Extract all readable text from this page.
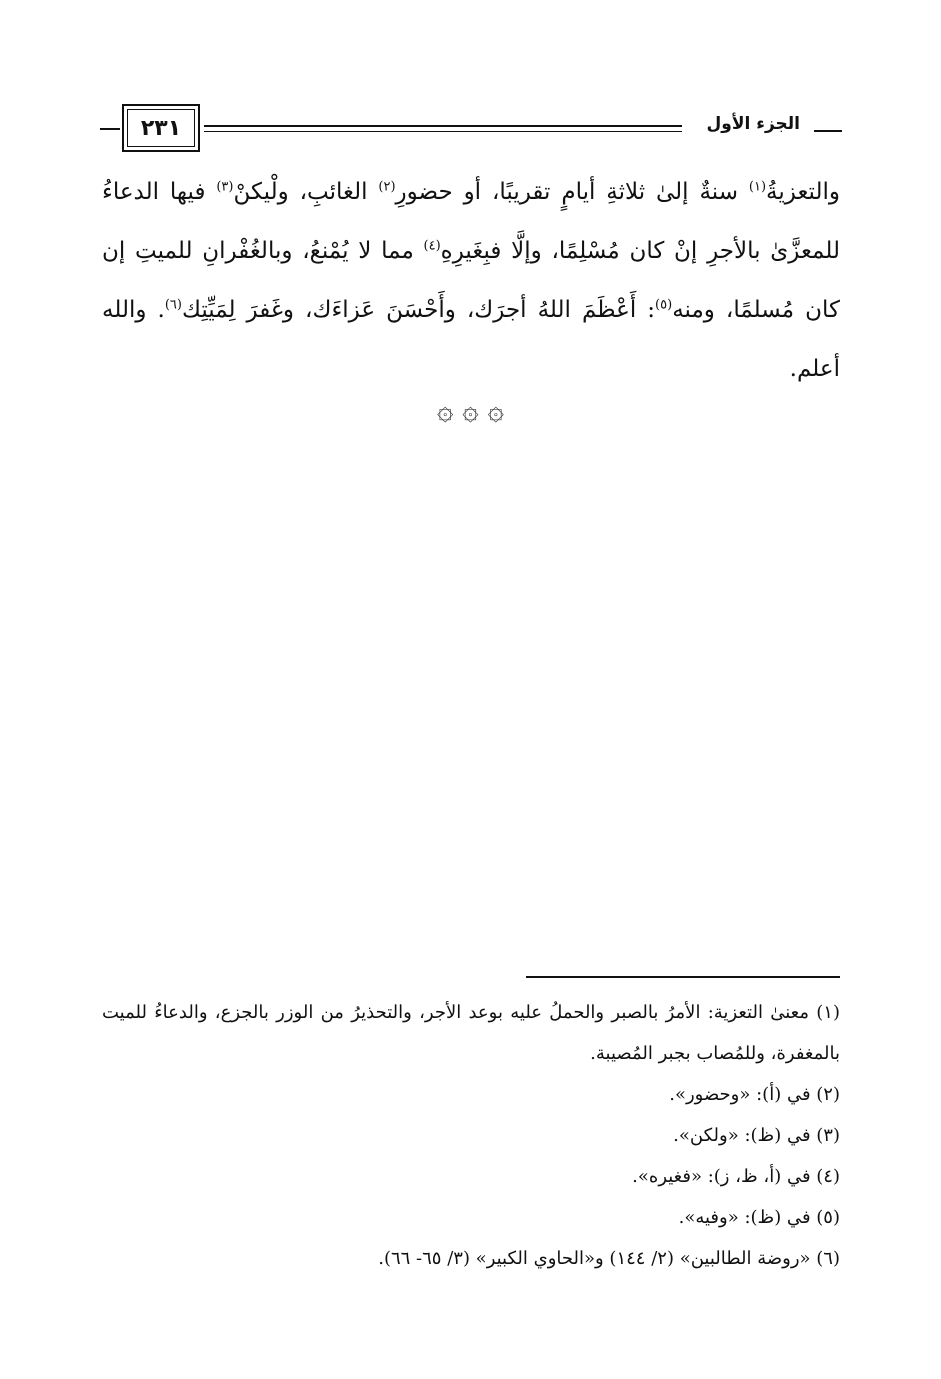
الجزء الأول
٢٣١

والتعزيةُ$^{(١)}$ سنةٌ إلىٰ ثلاثةِ أيامٍ تقريبًا، أو حضورِ$^{(٢)}$ الغائبِ، ولْيكنْ$^{(٣)}$ فيها الدعاءُ للمعزَّىٰ بالأجرِ إنْ كان مُسْلِمًا، وإلَّا فبِغَيرِهِ$^{(٤)}$ مما لا يُمْنعُ، وبالغُفْرانِ للميتِ إن كان مُسلمًا، ومنه$^{(٥)}$: أَعْظَمَ اللهُ أجرَك، وأَحْسَنَ عَزاءَك، وغَفرَ لِمَيِّتِك$^{(٦)}$. والله أعلم.

۞ ۞ ۞

(١) معنىٰ التعزية: الأمرُ بالصبر والحملُ عليه بوعد الأجر، والتحذيرُ من الوزر بالجزع، والدعاءُ للميت بالمغفرة، وللمُصاب بجبر المُصيبة.

(٢) في (أ): «وحضور».

(٣) في (ظ): «ولكن».

(٤) في (أ، ظ، ز): «فغيره».

(٥) في (ظ): «وفيه».

(٦) «روضة الطالبين» (٢/ ١٤٤) و«الحاوي الكبير» (٣/ ٦٥- ٦٦).
